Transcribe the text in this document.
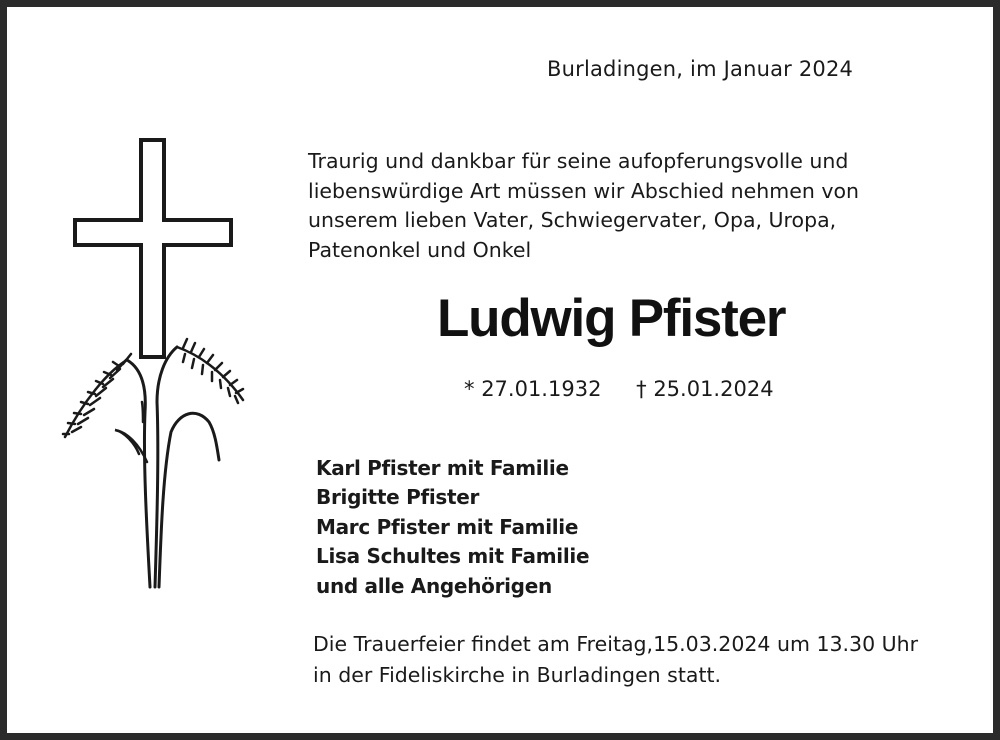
Burladingen, im Januar 2024
Traurig und dankbar für seine aufopferungsvolle und
liebenswürdige Art müssen wir Abschied nehmen von
unserem lieben Vater, Schwiegervater, Opa, Uropa,
Patenonkel und Onkel
Ludwig Pfister
* 27.01.1932 † 25.01.2024
Karl Pfister mit Familie
Brigitte Pfister
Marc Pfister mit Familie
Lisa Schultes mit Familie
und alle Angehörigen
Die Trauerfeier findet am Freitag,15.03.2024 um 13.30 Uhr
in der Fideliskirche in Burladingen statt.
